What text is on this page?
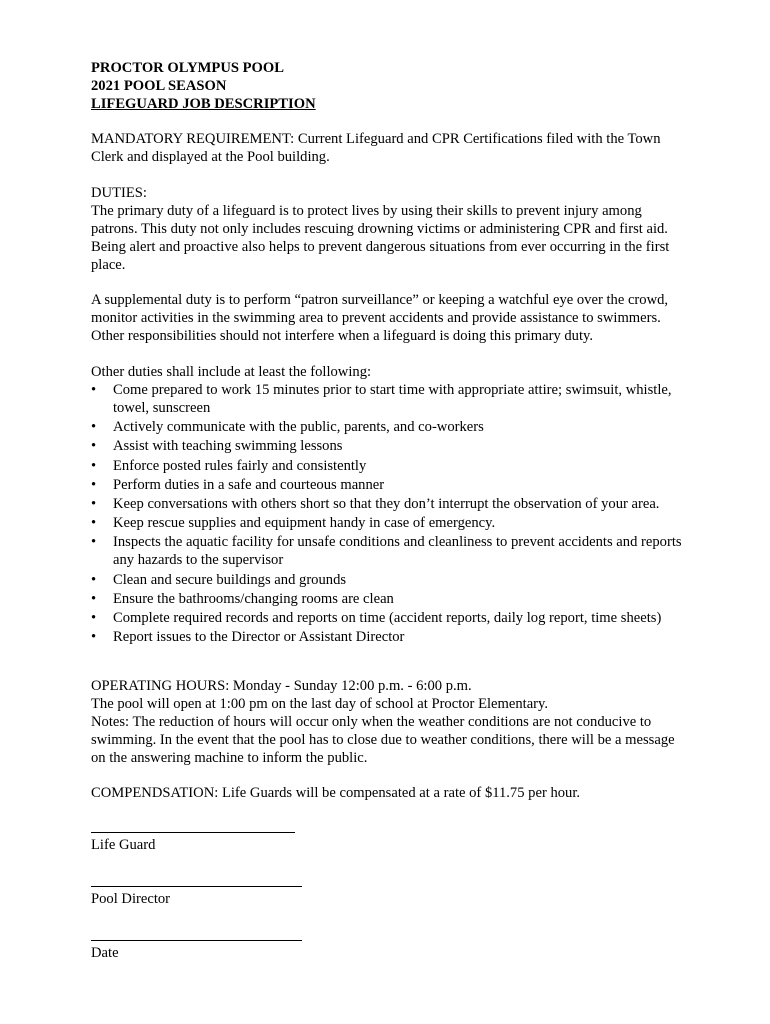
PROCTOR OLYMPUS POOL
2021 POOL SEASON
LIFEGUARD JOB DESCRIPTION

MANDATORY REQUIREMENT: Current Lifeguard and CPR Certifications filed with the Town Clerk and displayed at the Pool building.

DUTIES:

The primary duty of a lifeguard is to protect lives by using their skills to prevent injury among patrons. This duty not only includes rescuing drowning victims or administering CPR and first aid. Being alert and proactive also helps to prevent dangerous situations from ever occurring in the first place.

A supplemental duty is to perform “patron surveillance” or keeping a watchful eye over the crowd, monitor activities in the swimming area to prevent accidents and provide assistance to swimmers. Other responsibilities should not interfere when a lifeguard is doing this primary duty.

Other duties shall include at least the following:

• Come prepared to work 15 minutes prior to start time with appropriate attire; swimsuit, whistle, towel, sunscreen
• Actively communicate with the public, parents, and co-workers
• Assist with teaching swimming lessons
• Enforce posted rules fairly and consistently
• Perform duties in a safe and courteous manner
• Keep conversations with others short so that they don’t interrupt the observation of your area.
• Keep rescue supplies and equipment handy in case of emergency.
• Inspects the aquatic facility for unsafe conditions and cleanliness to prevent accidents and reports any hazards to the supervisor
• Clean and secure buildings and grounds
• Ensure the bathrooms/changing rooms are clean
• Complete required records and reports on time (accident reports, daily log report, time sheets)
• Report issues to the Director or Assistant Director

OPERATING HOURS: Monday - Sunday 12:00 p.m. - 6:00 p.m.

The pool will open at 1:00 pm on the last day of school at Proctor Elementary.

Notes: The reduction of hours will occur only when the weather conditions are not conducive to swimming. In the event that the pool has to close due to weather conditions, there will be a message on the answering machine to inform the public.

COMPENDSATION: Life Guards will be compensated at a rate of $11.75 per hour.

Life Guard
Pool Director
Date
